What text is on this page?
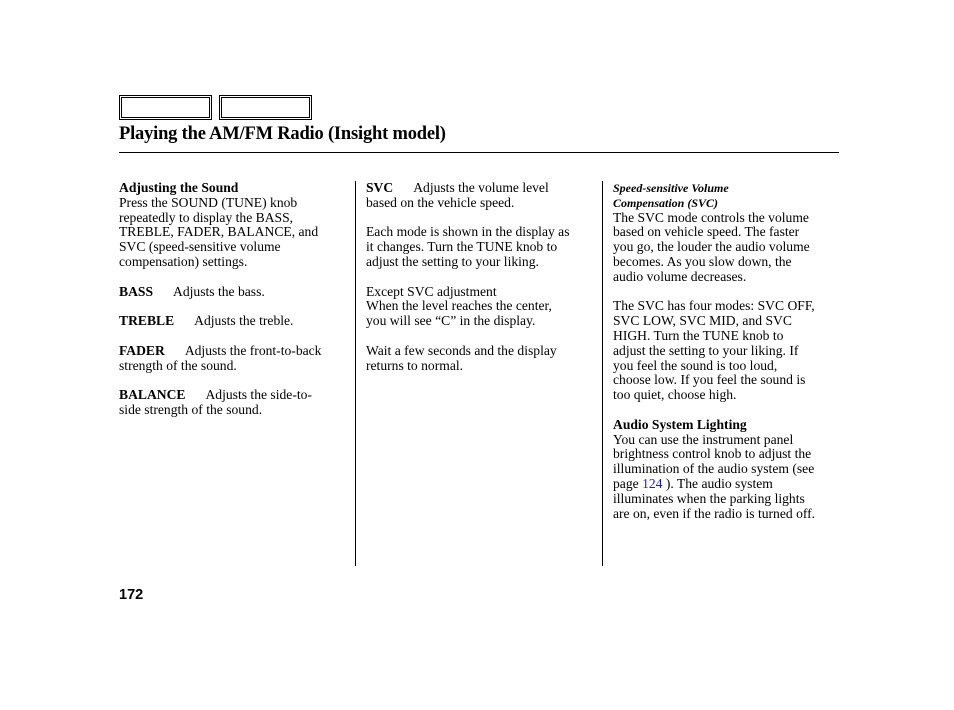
Playing the AM/FM Radio (Insight model)
Adjusting the Sound
Press the SOUND (TUNE) knob
repeatedly to display the BASS,
TREBLE, FADER, BALANCE, and
SVC (speed-sensitive volume
compensation) settings.
BASS Adjusts the bass.
TREBLE Adjusts the treble.
FADER Adjusts the front-to-back
strength of the sound.
BALANCE Adjusts the side-to-
side strength of the sound.
SVC Adjusts the volume level
based on the vehicle speed.
Each mode is shown in the display as
it changes. Turn the TUNE knob to
adjust the setting to your liking.
Except SVC adjustment
When the level reaches the center,
you will see “C” in the display.
Wait a few seconds and the display
returns to normal.
Speed-sensitive Volume
Compensation (SVC)
The SVC mode controls the volume
based on vehicle speed. The faster
you go, the louder the audio volume
becomes. As you slow down, the
audio volume decreases.
The SVC has four modes: SVC OFF,
SVC LOW, SVC MID, and SVC
HIGH. Turn the TUNE knob to
adjust the setting to your liking. If
you feel the sound is too loud,
choose low. If you feel the sound is
too quiet, choose high.
Audio System Lighting
You can use the instrument panel
brightness control knob to adjust the
illumination of the audio system (see
page 124 ). The audio system
illuminates when the parking lights
are on, even if the radio is turned off.
172
